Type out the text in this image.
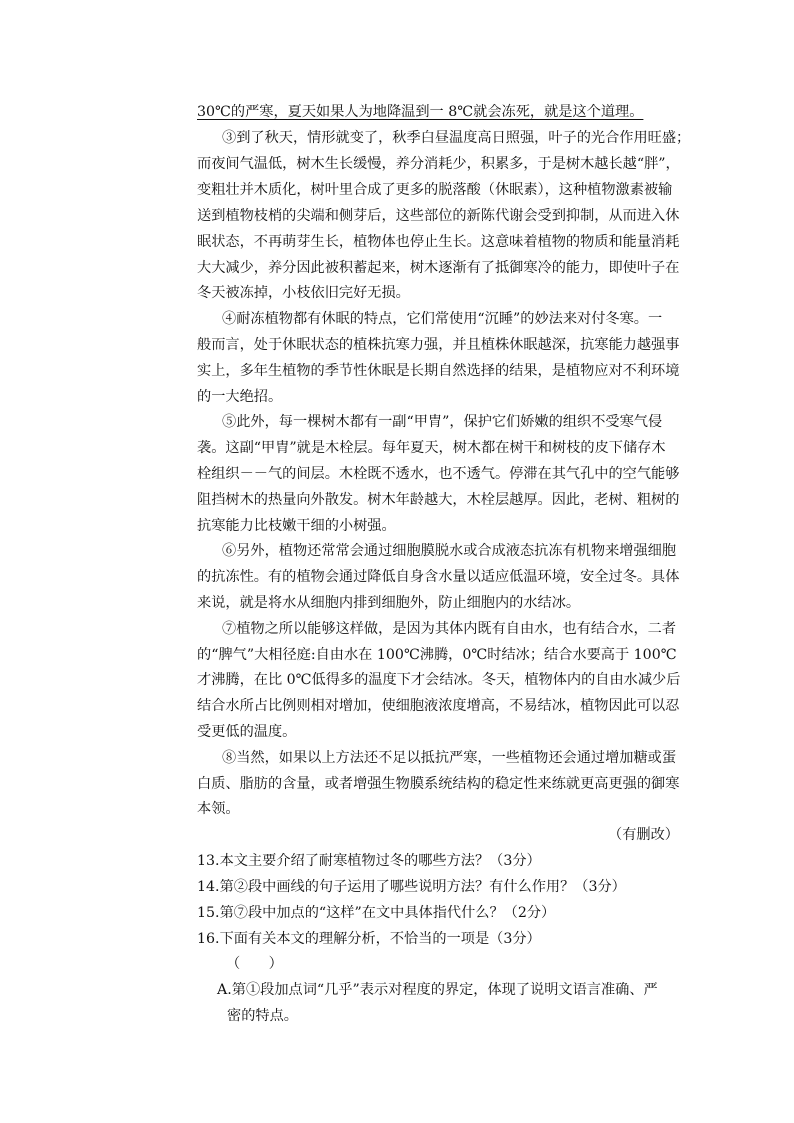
30℃的严寒，夏天如果人为地降温到一 8℃就会冻死，就是这个道理。
③到了秋天，情形就变了，秋季白昼温度高日照强，叶子的光合作用旺盛；
而夜间气温低，树木生长缓慢，养分消耗少，积累多，于是树木越长越“胖”，
变粗壮并木质化，树叶里合成了更多的脱落酸（休眠素），这种植物激素被输
送到植物枝梢的尖端和侧芽后，这些部位的新陈代谢会受到抑制，从而进入休
眠状态，不再萌芽生长，植物体也停止生长。这意味着植物的物质和能量消耗
大大减少，养分因此被积蓄起来，树木逐渐有了抵御寒冷的能力，即使叶子在
冬天被冻掉，小枝依旧完好无损。
④耐冻植物都有休眠的特点，它们常使用“沉睡”的妙法来对付冬寒。一
般而言，处于休眠状态的植株抗寒力强，并且植株休眠越深，抗寒能力越强事
实上，多年生植物的季节性休眠是长期自然选择的结果，是植物应对不利环境
的一大绝招。
⑤此外，每一棵树木都有一副“甲胄”，保护它们娇嫩的组织不受寒气侵
袭。这副“甲胄”就是木栓层。每年夏天，树木都在树干和树枝的皮下储存木
栓组织－－气的间层。木栓既不透水，也不透气。停滞在其气孔中的空气能够
阻挡树木的热量向外散发。树木年龄越大，木栓层越厚。因此，老树、粗树的
抗寒能力比枝嫩干细的小树强。
⑥另外，植物还常常会通过细胞膜脱水或合成液态抗冻有机物来增强细胞
的抗冻性。有的植物会通过降低自身含水量以适应低温环境，安全过冬。具体
来说，就是将水从细胞内排到细胞外，防止细胞内的水结冰。
⑦植物之所以能够这样做，是因为其体内既有自由水，也有结合水，二者
的“脾气”大相径庭:自由水在 100℃沸腾，0℃时结冰；结合水要高于 100℃
才沸腾，在比 0℃低得多的温度下才会结冰。冬天，植物体内的自由水减少后
结合水所占比例则相对增加，使细胞液浓度增高，不易结冰，植物因此可以忍
受更低的温度。
⑧当然，如果以上方法还不足以抵抗严寒，一些植物还会通过增加糖或蛋
白质、脂肪的含量，或者增强生物膜系统结构的稳定性来练就更高更强的御寒
本领。
（有删改）
13.本文主要介绍了耐寒植物过冬的哪些方法？（3分）
14.第②段中画线的句子运用了哪些说明方法？有什么作用？（3分）
15.第⑦段中加点的“这样”在文中具体指代什么？（2分）
16.下面有关本文的理解分析，不恰当的一项是（3分）
（　　）
A.第①段加点词“几乎”表示对程度的界定，体现了说明文语言准确、严
密的特点。
